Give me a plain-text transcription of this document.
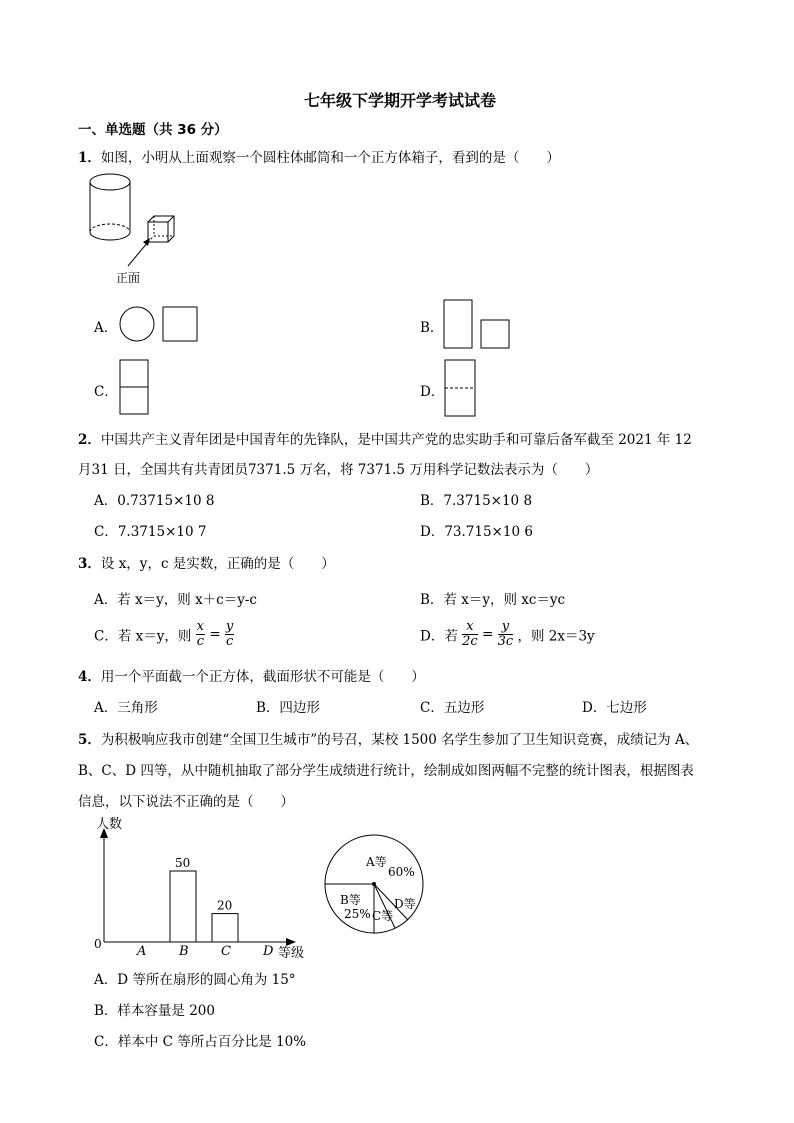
七年级下学期开学考试试卷
一、单选题（共 36 分）
1．如图，小明从上面观察一个圆柱体邮筒和一个正方体箱子，看到的是（　　）
正面
A．	B．
C．	D．
2．中国共产主义青年团是中国青年的先锋队，是中国共产党的忠实助手和可靠后备军截至 2021 年 12
月31 日，全国共有共青团员7371.5 万名，将 7371.5 万用科学记数法表示为（　　）
A．0.73715×10 8	B．7.3715×10 8
C．7.3715×10 7	D．73.715×10 6
3．设 x，y，c 是实数，正确的是（　　）
A．若 x＝y，则 x＋c＝y-c	B．若 x＝y，则 xc＝yc
C．若 x＝y，则 $\frac{x}{c} = \frac{y}{c}$	D．若 $\frac{x}{2c} = \frac{y}{3c}$ ，则 2x＝3y
4．用一个平面截一个正方体，截面形状不可能是（　　）
A．三角形	B．四边形	C．五边形	D．七边形
5．为积极响应我市创建“全国卫生城市”的号召，某校 1500 名学生参加了卫生知识竞赛，成绩记为 A、
B、C、D 四等，从中随机抽取了部分学生成绩进行统计，绘制成如图两幅不完整的统计图表，根据图表
信息，以下说法不正确的是（　　）
人数
等级
0	A	B
50
C
20
D
A等
60%
B等
25% C等
D等
A．D 等所在扇形的圆心角为 15°
B．样本容量是 200
C．样本中 C 等所占百分比是 10%
